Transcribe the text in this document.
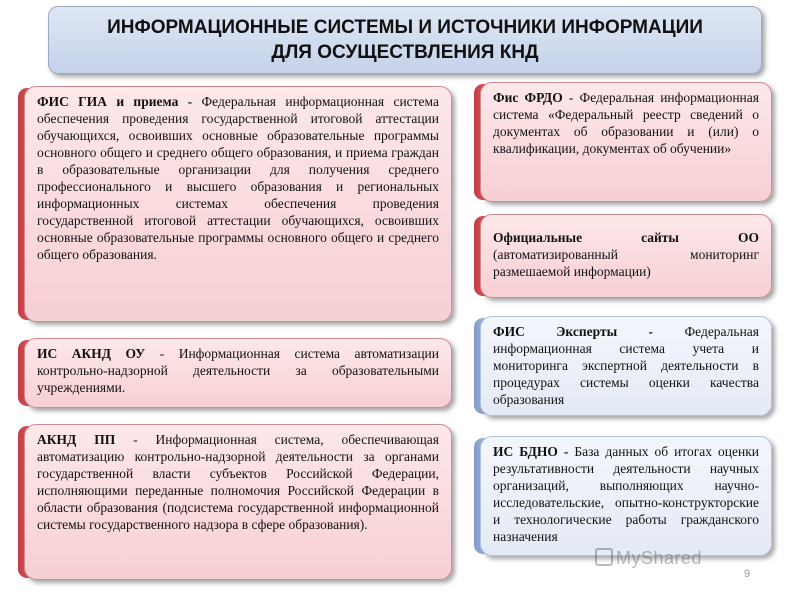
ИНФОРМАЦИОННЫЕ СИСТЕМЫ И ИСТОЧНИКИ ИНФОРМАЦИИ
ДЛЯ ОСУЩЕСТВЛЕНИЯ КНД
ФИС ГИА и приема - Федеральная информационная система обеспечения проведения государственной итоговой аттестации обучающихся, освоивших основные образовательные программы основного общего и среднего общего образования, и приема граждан в образовательные организации для получения среднего профессионального и высшего образования и региональных информационных системах обеспечения проведения государственной итоговой аттестации обучающихся, освоивших основные образовательные программы основного общего и среднего общего образования.
ИС АКНД ОУ - Информационная система автоматизации контрольно-надзорной деятельности за образовательными учреждениями.
АКНД ПП - Информационная система, обеспечивающая автоматизацию контрольно-надзорной деятельности за органами государственной власти субъектов Российской Федерации, исполняющими переданные полномочия Российской Федерации в области образования (подсистема государственной информационной системы государственного надзора в сфере образования).
Фис ФРДО - Федеральная информационная система «Федеральный реестр сведений о документах об образовании и (или) о квалификации, документах об обучении»
Официальные сайты ОО (автоматизированный мониторинг размешаемой информации)
ФИС Эксперты - Федеральная информационная система учета и мониторинга экспертной деятельности в процедурах системы оценки качества образования
ИС БДНО - База данных об итогах оценки результативности деятельности научных организаций, выполняющих научно-исследовательские, опытно-конструкторские и технологические работы гражданского назначения
MyShared
9
